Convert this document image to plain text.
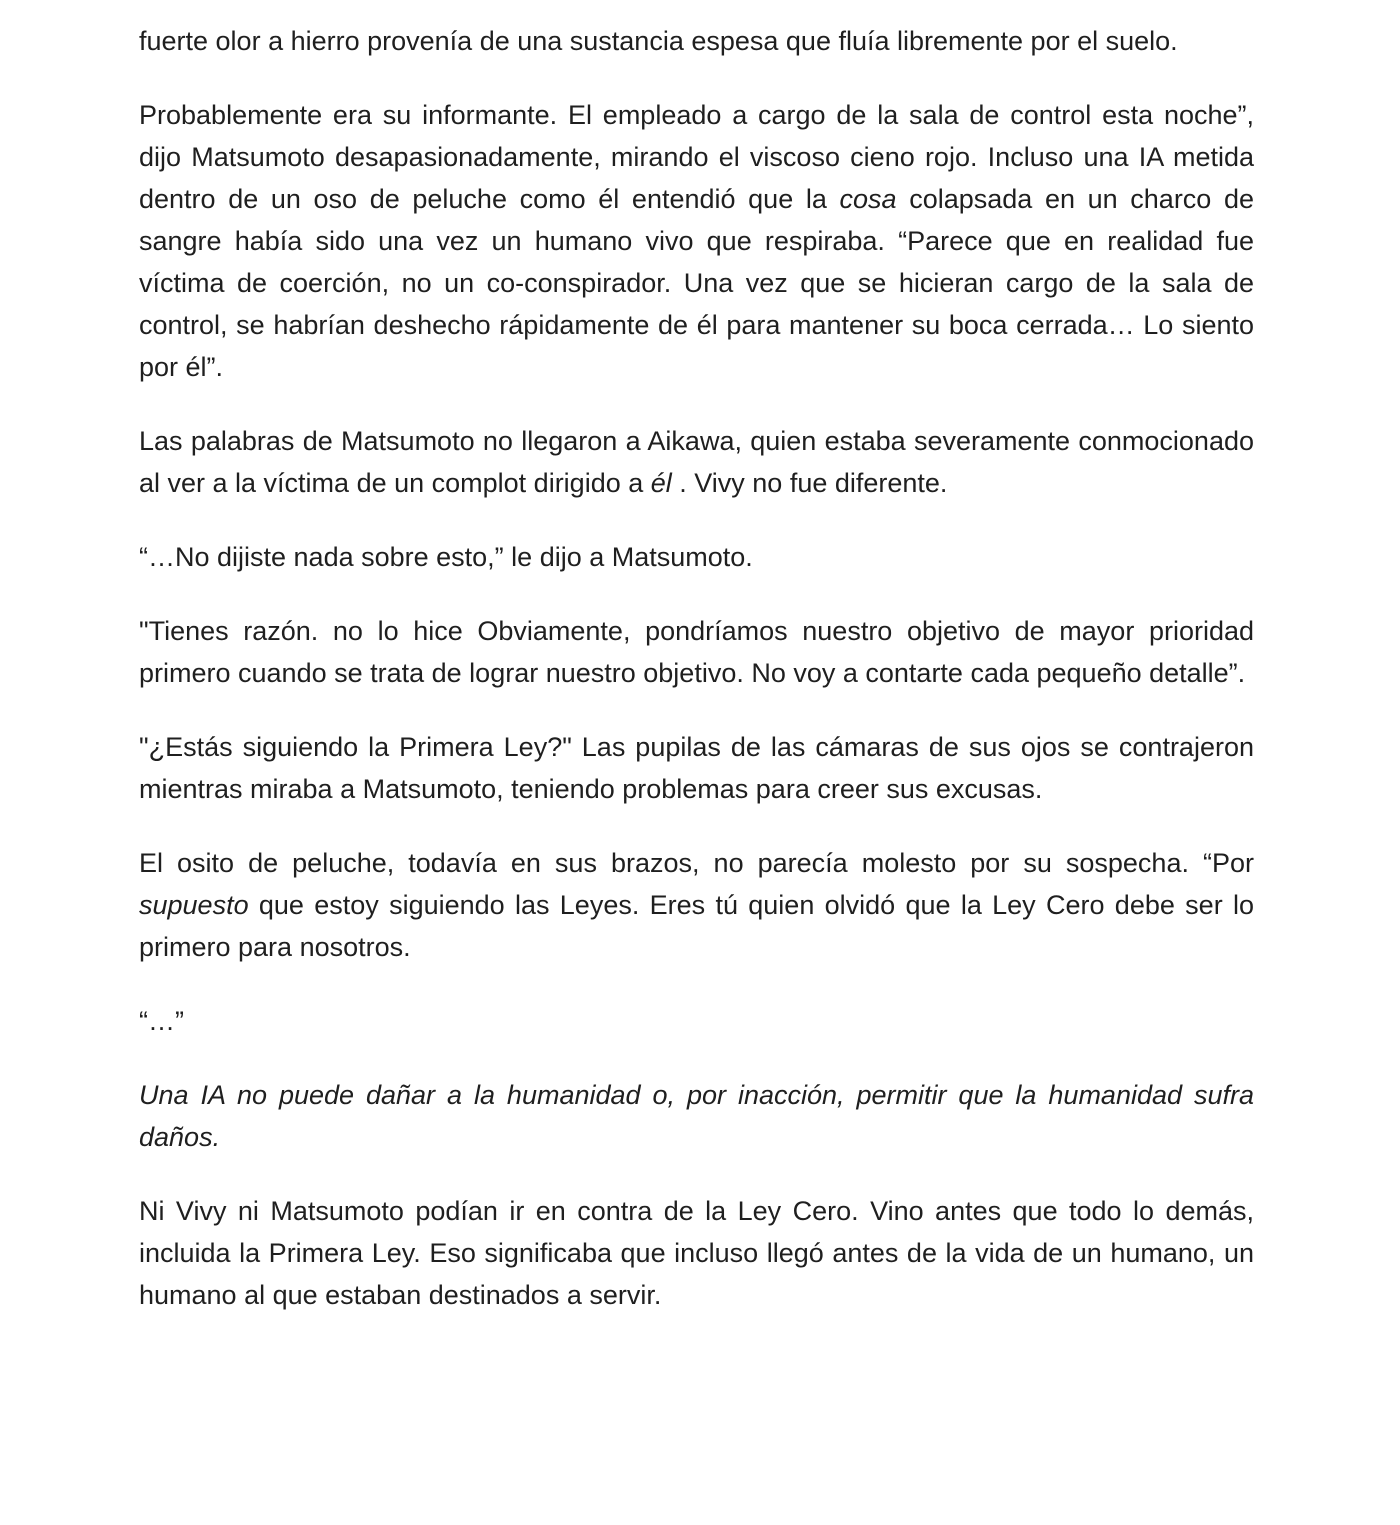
fuerte olor a hierro provenía de una sustancia espesa que fluía libremente por el suelo.

Probablemente era su informante. El empleado a cargo de la sala de control esta noche”, dijo Matsumoto desapasionadamente, mirando el viscoso cieno rojo. Incluso una IA metida dentro de un oso de peluche como él entendió que la cosa colapsada en un charco de sangre había sido una vez un humano vivo que respiraba. “Parece que en realidad fue víctima de coerción, no un co-conspirador. Una vez que se hicieran cargo de la sala de control, se habrían deshecho rápidamente de él para mantener su boca cerrada… Lo siento por él”.

Las palabras de Matsumoto no llegaron a Aikawa, quien estaba severamente conmocionado al ver a la víctima de un complot dirigido a él . Vivy no fue diferente.

“…No dijiste nada sobre esto,” le dijo a Matsumoto.

"Tienes razón. no lo hice Obviamente, pondríamos nuestro objetivo de mayor prioridad primero cuando se trata de lograr nuestro objetivo. No voy a contarte cada pequeño detalle”.

"¿Estás siguiendo la Primera Ley?" Las pupilas de las cámaras de sus ojos se contrajeron mientras miraba a Matsumoto, teniendo problemas para creer sus excusas.

El osito de peluche, todavía en sus brazos, no parecía molesto por su sospecha. “Por supuesto que estoy siguiendo las Leyes. Eres tú quien olvidó que la Ley Cero debe ser lo primero para nosotros.

“…”

Una IA no puede dañar a la humanidad o, por inacción, permitir que la humanidad sufra daños.

Ni Vivy ni Matsumoto podían ir en contra de la Ley Cero. Vino antes que todo lo demás, incluida la Primera Ley. Eso significaba que incluso llegó antes de la vida de un humano, un humano al que estaban destinados a servir.
